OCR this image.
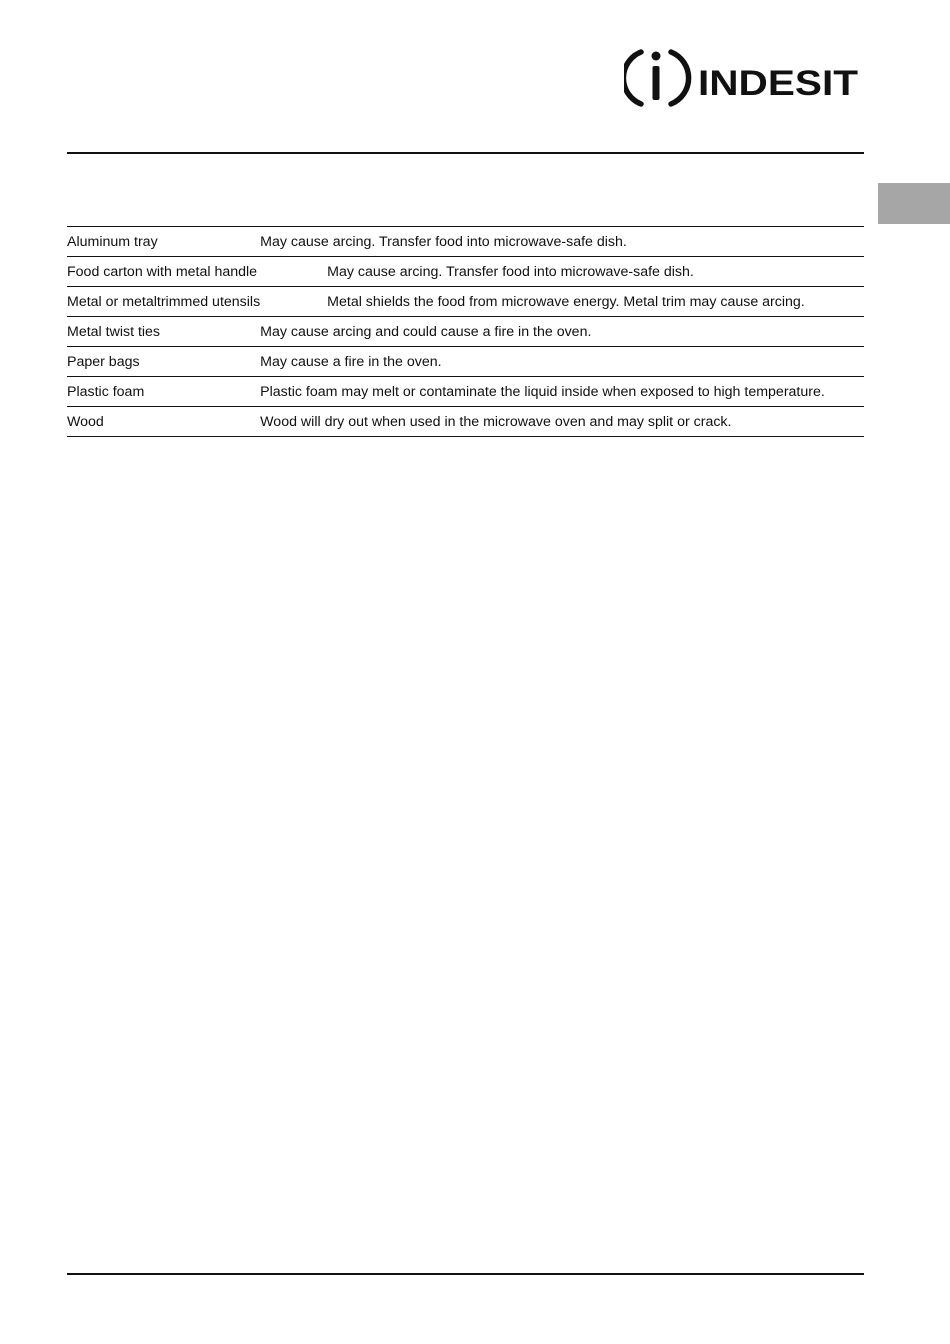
INDESIT
Aluminum tray	May cause arcing. Transfer food into microwave-safe dish.
Food carton with metal handle	May cause arcing. Transfer food into microwave-safe dish.
Metal or metaltrimmed utensils	Metal shields the food from microwave energy. Metal trim may cause arcing.
Metal twist ties	May cause arcing and could cause a fire in the oven.
Paper bags	May cause a fire in the oven.
Plastic foam	Plastic foam may melt or contaminate the liquid inside when exposed to high temperature.
Wood	Wood will dry out when used in the microwave oven and may split or crack.
